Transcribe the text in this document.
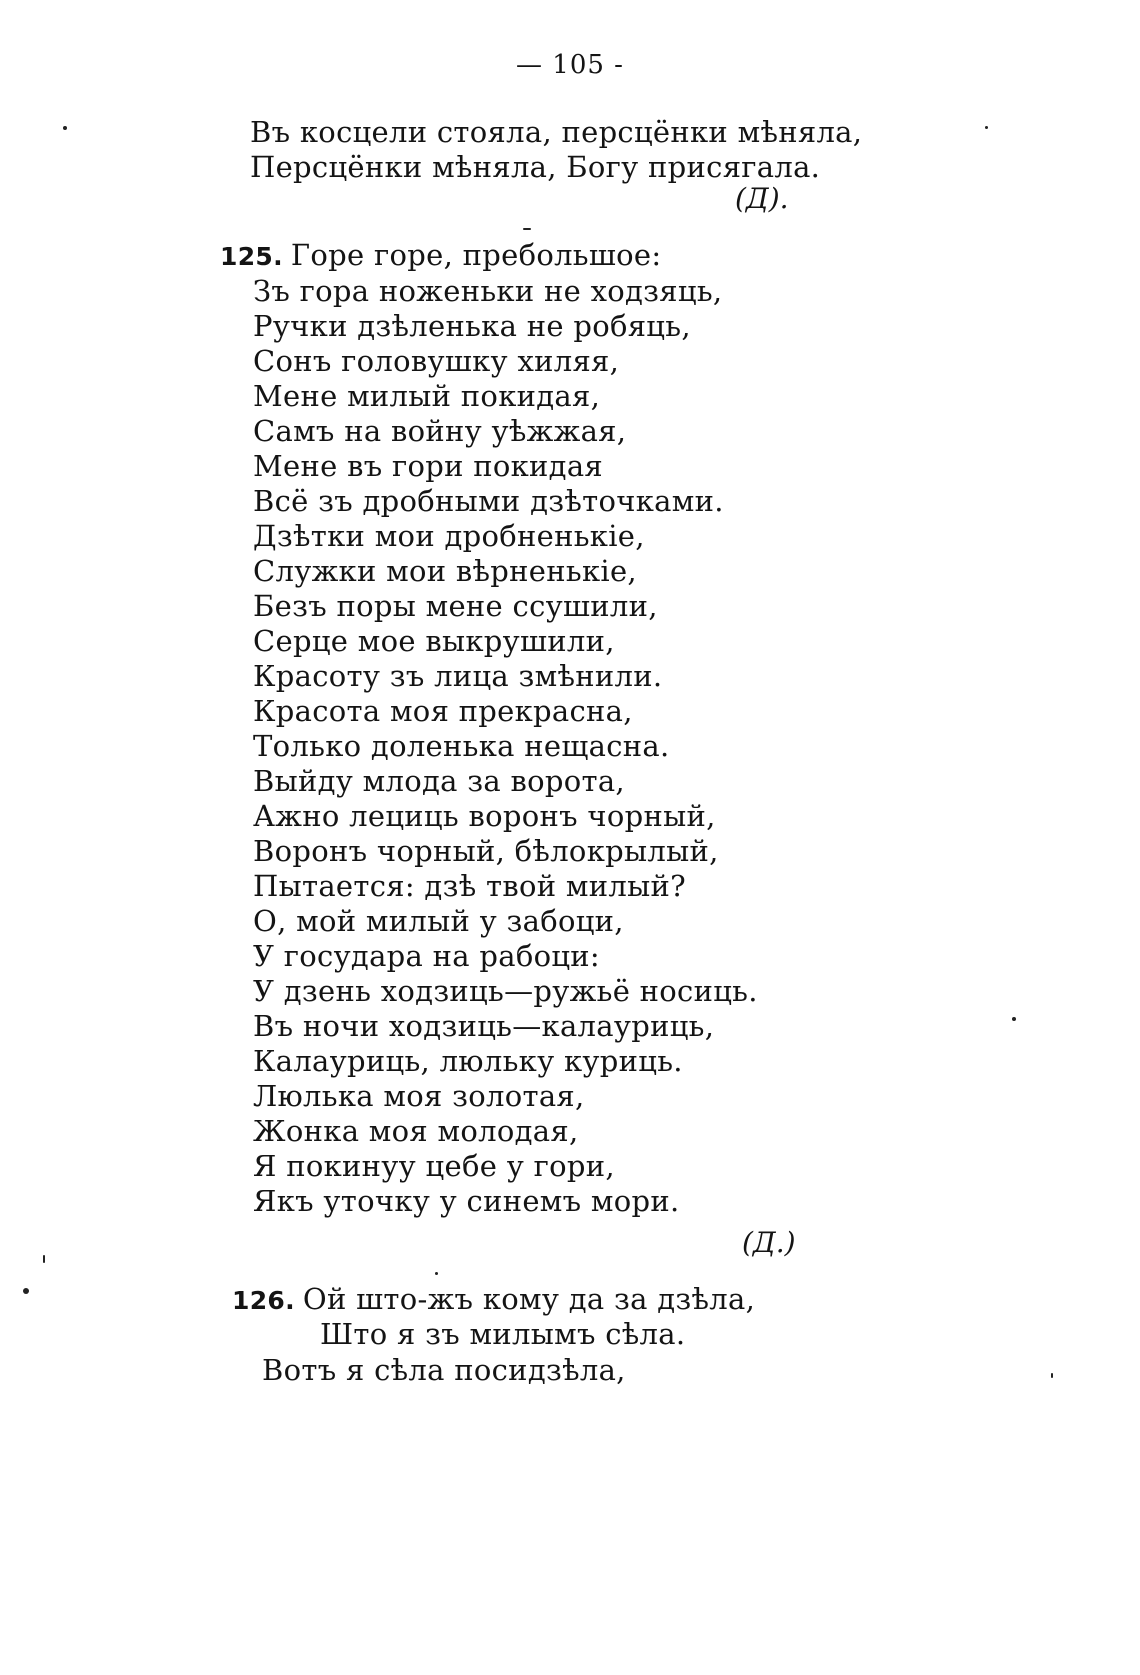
— 105 -
Въ косцели стояла, персцёнки мѣняла,
Персцёнки мѣняла, Богу присягала.
(Д).
125. Горе горе, пребольшое:
Зъ гора ноженьки не ходзяць,
Ручки дзѣленька не робяць,
Сонъ головушку хиляя,
Мене милый покидая,
Самъ на войну уѣжжая,
Мене въ гори покидая
Всё зъ дробными дзѣточками.
Дзѣтки мои дробненькiе,
Служки мои вѣрненькiе,
Безъ поры мене ссушили,
Серце мое выкрушили,
Красоту зъ лица змѣнили.
Красота моя прекрасна,
Только доленька нещасна.
Выйду млода за ворота,
Ажно лециць воронъ чорный,
Воронъ чорный, бѣлокрылый,
Пытается: дзѣ твой милый?
О, мой милый у забоци,
У государа на рабоци:
У дзень ходзиць—ружьё носиць.
Въ ночи ходзиць—калауриць,
Калауриць, люльку куриць.
Люлька моя золотая,
Жонка моя молодая,
Я покинуу цебе у гори,
Якъ уточку у синемъ мори.
(Д.)
126. Ой што-жъ кому да за дзѣла,
Што я зъ милымъ сѣла.
Вотъ я сѣла посидзѣла,
